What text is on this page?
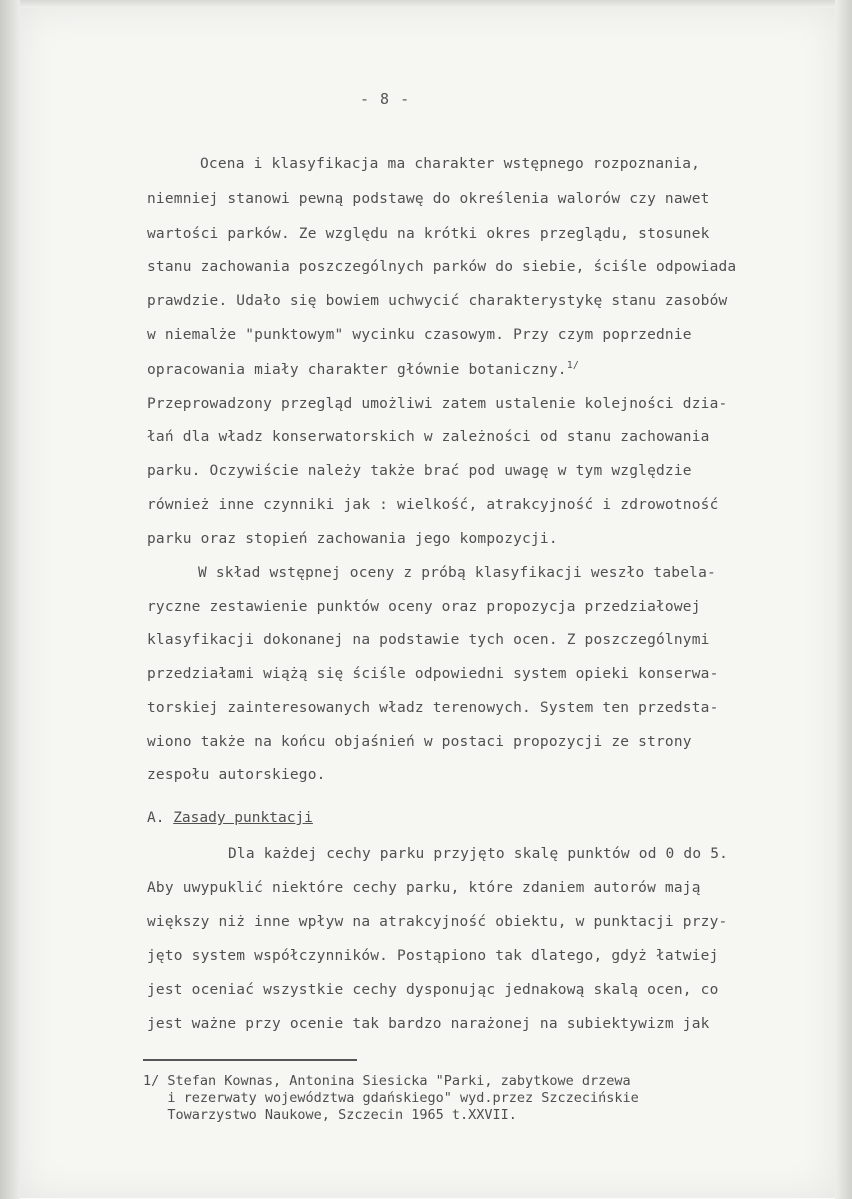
- 8 -
Ocena i klasyfikacja ma charakter wstępnego rozpoznania,
niemniej stanowi pewną podstawę do określenia walorów czy nawet
wartości parków. Ze względu na krótki okres przeglądu, stosunek
stanu zachowania poszczególnych parków do siebie, ściśle odpowiada
prawdzie. Udało się bowiem uchwycić charakterystykę stanu zasobów
w niemalże "punktowym" wycinku czasowym. Przy czym poprzednie
opracowania miały charakter głównie botaniczny.$^{1/}$
Przeprowadzony przegląd umożliwi zatem ustalenie kolejności dzia-
łań dla władz konserwatorskich w zależności od stanu zachowania
parku. Oczywiście należy także brać pod uwagę w tym względzie
również inne czynniki jak : wielkość, atrakcyjność i zdrowotność
parku oraz stopień zachowania jego kompozycji.
W skład wstępnej oceny z próbą klasyfikacji weszło tabela-
ryczne zestawienie punktów oceny oraz propozycja przedziałowej
klasyfikacji dokonanej na podstawie tych ocen. Z poszczególnymi
przedziałami wiążą się ściśle odpowiedni system opieki konserwa-
torskiej zainteresowanych władz terenowych. System ten przedsta-
wiono także na końcu objaśnień w postaci propozycji ze strony
zespołu autorskiego.
A. Zasady punktacji
Dla każdej cechy parku przyjęto skalę punktów od 0 do 5.
Aby uwypuklić niektóre cechy parku, które zdaniem autorów mają
większy niż inne wpływ na atrakcyjność obiektu, w punktacji przy-
jęto system współczynników. Postąpiono tak dlatego, gdyż łatwiej
jest oceniać wszystkie cechy dysponując jednakową skalą ocen, co
jest ważne przy ocenie tak bardzo narażonej na subiektywizm jak
1/ Stefan Kownas, Antonina Siesicka "Parki, zabytkowe drzewa
i rezerwaty województwa gdańskiego" wyd.przez Szczecińskie
Towarzystwo Naukowe, Szczecin 1965 t.XXVII.
